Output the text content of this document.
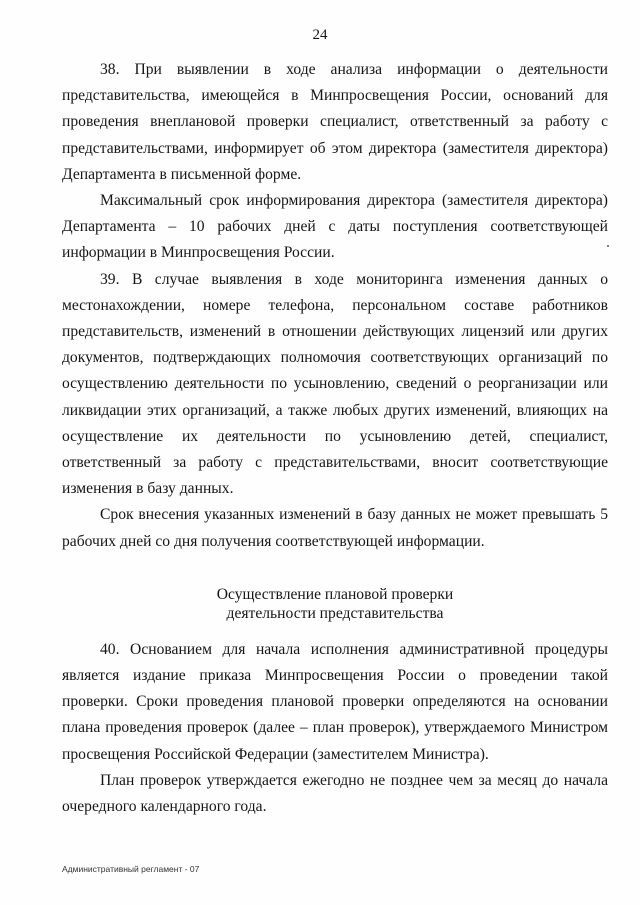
24

38. При выявлении в ходе анализа информации о деятельности представительства, имеющейся в Минпросвещения России, оснований для проведения внеплановой проверки специалист, ответственный за работу с представительствами, информирует об этом директора (заместителя директора) Департамента в письменной форме.

Максимальный срок информирования директора (заместителя директора) Департамента – 10 рабочих дней с даты поступления соответствующей информации в Минпросвещения России.

39. В случае выявления в ходе мониторинга изменения данных о местонахождении, номере телефона, персональном составе работников представительств, изменений в отношении действующих лицензий или других документов, подтверждающих полномочия соответствующих организаций по осуществлению деятельности по усыновлению, сведений о реорганизации или ликвидации этих организаций, а также любых других изменений, влияющих на осуществление их деятельности по усыновлению детей, специалист, ответственный за работу с представительствами, вносит соответствующие изменения в базу данных.

Срок внесения указанных изменений в базу данных не может превышать 5 рабочих дней со дня получения соответствующей информации.

Осуществление плановой проверки
деятельности представительства

40. Основанием для начала исполнения административной процедуры является издание приказа Минпросвещения России о проведении такой проверки. Сроки проведения плановой проверки определяются на основании плана проведения проверок (далее – план проверок), утверждаемого Министром просвещения Российской Федерации (заместителем Министра).

План проверок утверждается ежегодно не позднее чем за месяц до начала очередного календарного года.

Административный регламент - 07
